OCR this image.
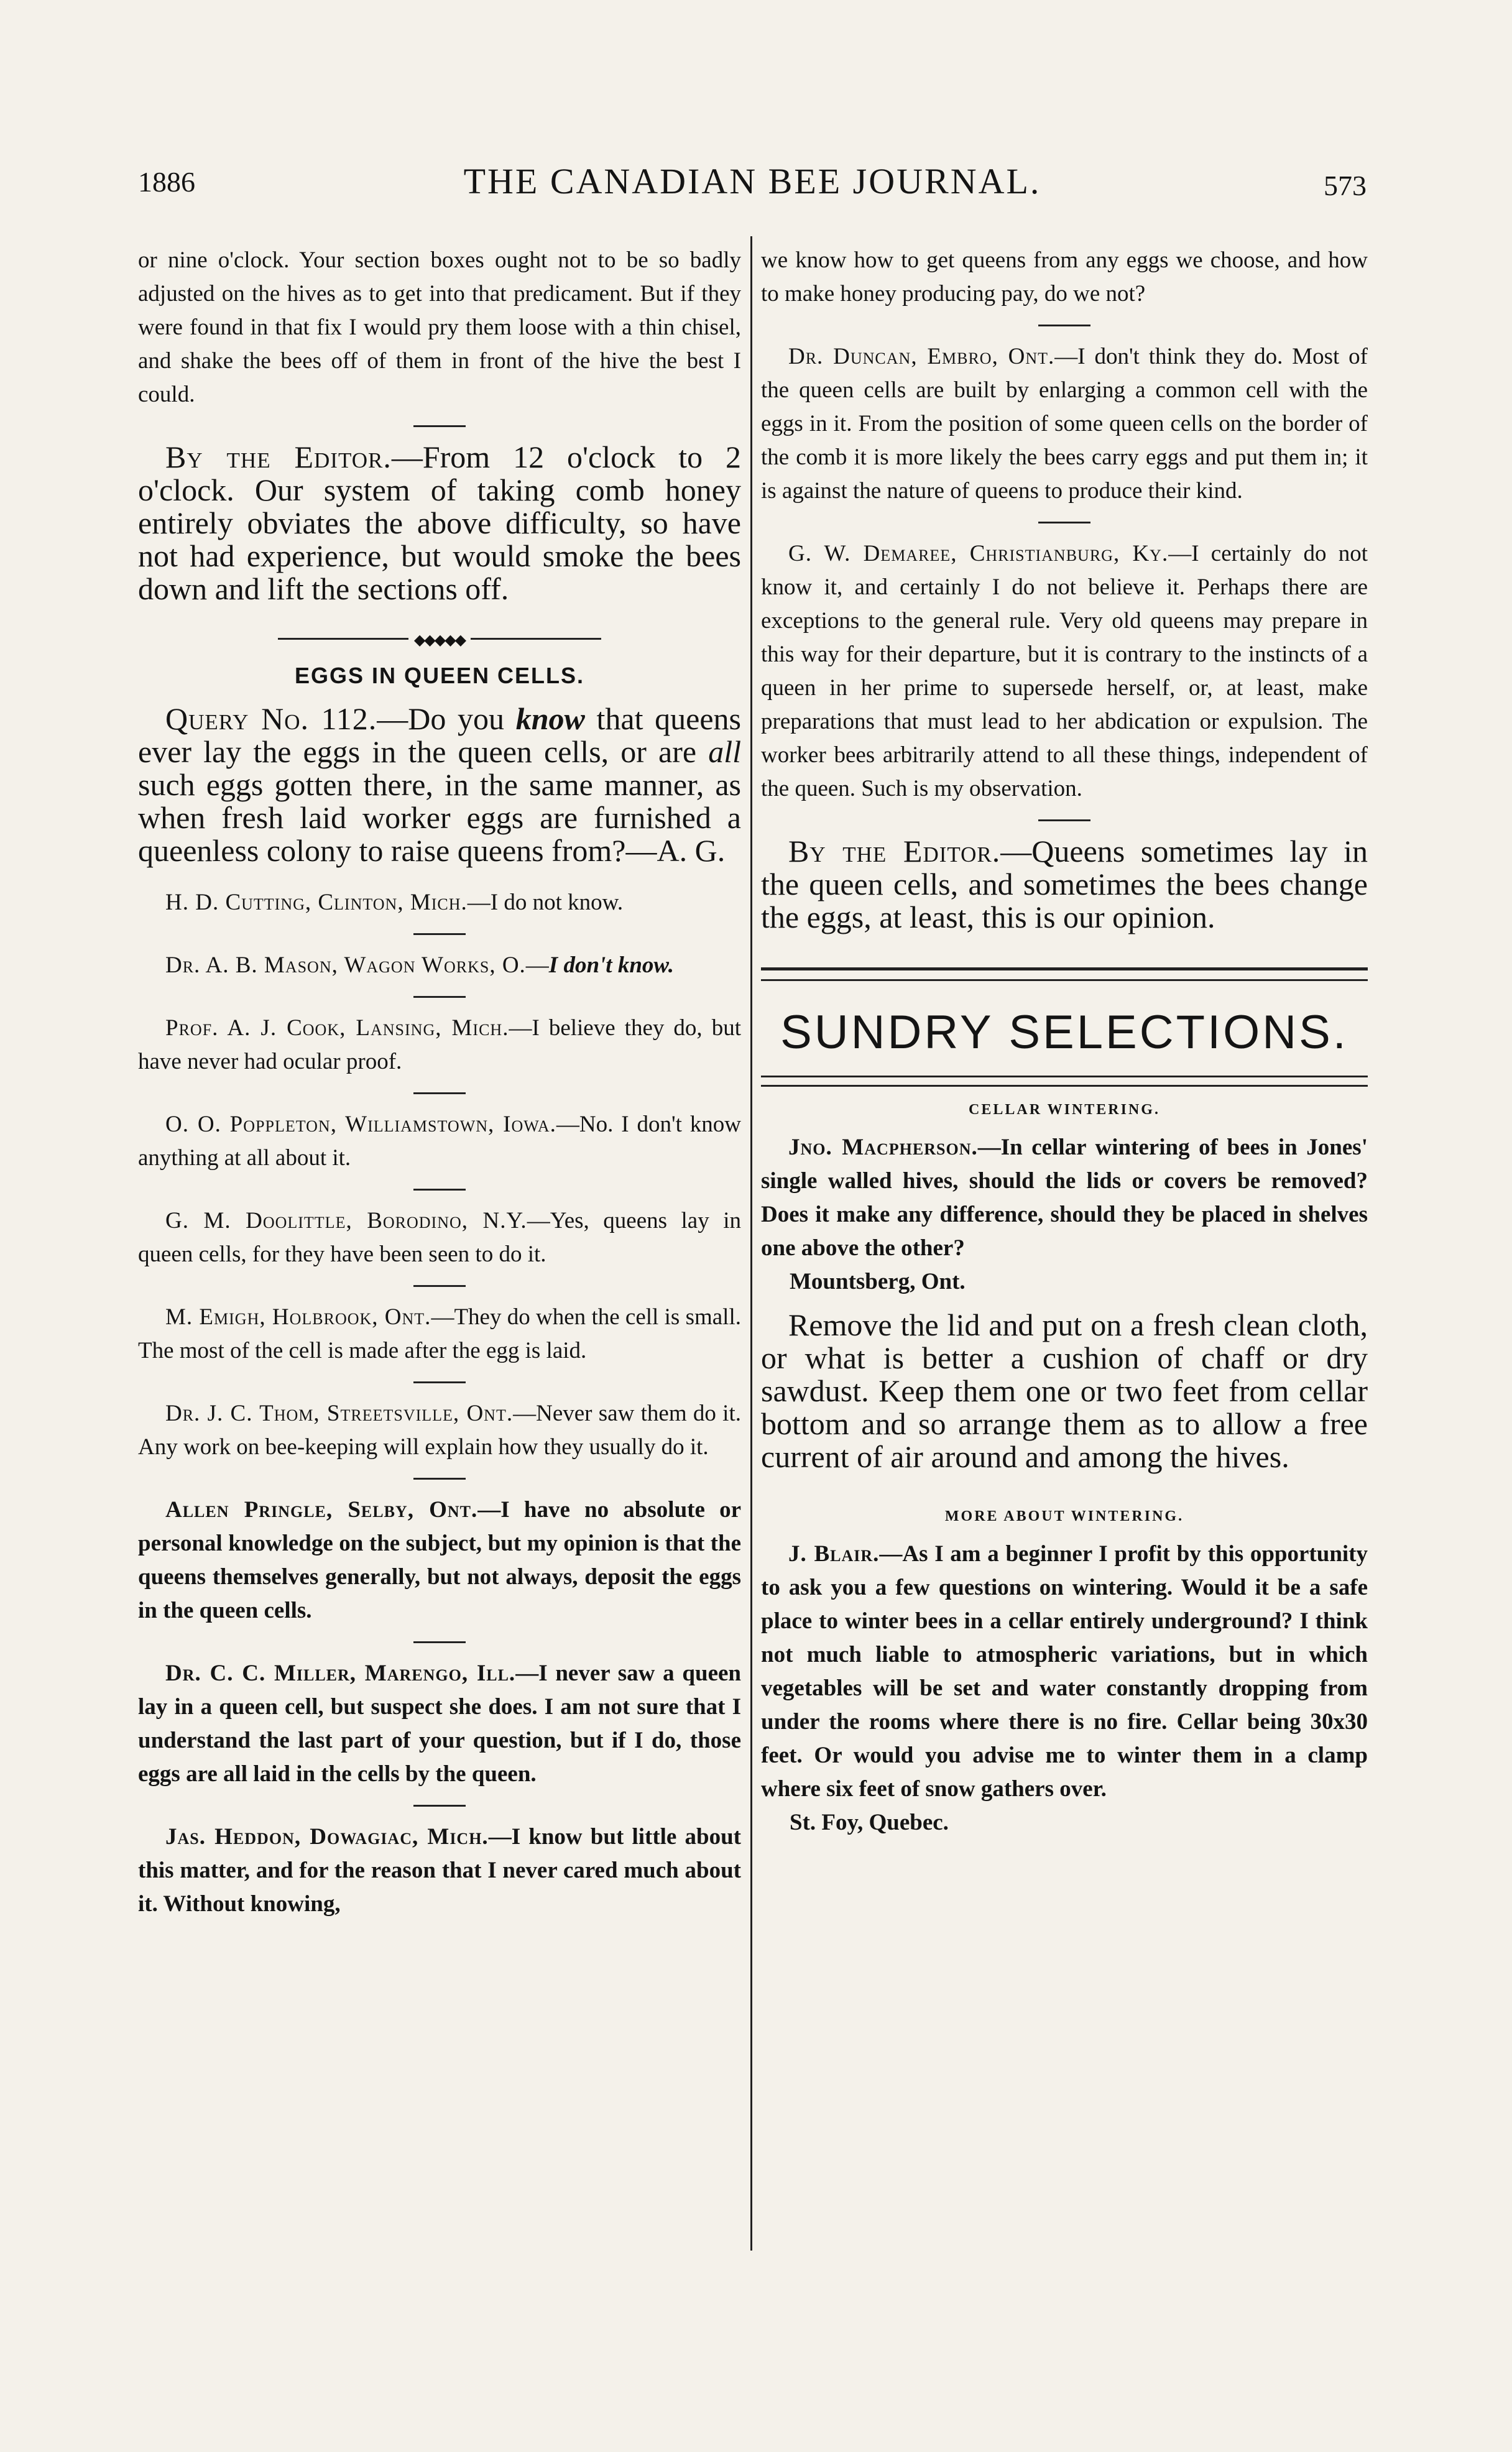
1886	THE CANADIAN BEE JOURNAL.	573

or nine o'clock. Your section boxes ought not to be so badly adjusted on the hives as to get into that predicament. But if they were found in that fix I would pry them loose with a thin chisel, and shake the bees off of them in front of the hive the best I could.

By the Editor.—From 12 o'clock to 2 o'clock. Our system of taking comb honey entirely obviates the above difficulty, so have not had experience, but would smoke the bees down and lift the sections off.

◆◆◆◆◆
EGGS IN QUEEN CELLS.

Query No. 112.—Do you know that queens ever lay the eggs in the queen cells, or are all such eggs gotten there, in the same manner, as when fresh laid worker eggs are furnished a queenless colony to raise queens from?—A. G.

H. D. Cutting, Clinton, Mich.—I do not know.

Dr. A. B. Mason, Wagon Works, O.—I don't know.

Prof. A. J. Cook, Lansing, Mich.—I believe they do, but have never had ocular proof.

O. O. Poppleton, Williamstown, Iowa.—No. I don't know anything at all about it.

G. M. Doolittle, Borodino, N.Y.—Yes, queens lay in queen cells, for they have been seen to do it.

M. Emigh, Holbrook, Ont.—They do when the cell is small. The most of the cell is made after the egg is laid.

Dr. J. C. Thom, Streetsville, Ont.—Never saw them do it. Any work on bee-keeping will explain how they usually do it.

Allen Pringle, Selby, Ont.—I have no absolute or personal knowledge on the subject, but my opinion is that the queens themselves generally, but not always, deposit the eggs in the queen cells.

Dr. C. C. Miller, Marengo, Ill.—I never saw a queen lay in a queen cell, but suspect she does. I am not sure that I understand the last part of your question, but if I do, those eggs are all laid in the cells by the queen.

Jas. Heddon, Dowagiac, Mich.—I know but little about this matter, and for the reason that I never cared much about it. Without knowing,

we know how to get queens from any eggs we choose, and how to make honey producing pay, do we not?

Dr. Duncan, Embro, Ont.—I don't think they do. Most of the queen cells are built by enlarging a common cell with the eggs in it. From the position of some queen cells on the border of the comb it is more likely the bees carry eggs and put them in; it is against the nature of queens to produce their kind.

G. W. Demaree, Christianburg, Ky.—I certainly do not know it, and certainly I do not believe it. Perhaps there are exceptions to the general rule. Very old queens may prepare in this way for their departure, but it is contrary to the instincts of a queen in her prime to supersede herself, or, at least, make preparations that must lead to her abdication or expulsion. The worker bees arbitrarily attend to all these things, independent of the queen. Such is my observation.

By the Editor.—Queens sometimes lay in the queen cells, and sometimes the bees change the eggs, at least, this is our opinion.

SUNDRY SELECTIONS.
CELLAR WINTERING.

Jno. Macpherson.—In cellar wintering of bees in Jones' single walled hives, should the lids or covers be removed? Does it make any difference, should they be placed in shelves one above the other?

Mountsberg, Ont.

Remove the lid and put on a fresh clean cloth, or what is better a cushion of chaff or dry sawdust. Keep them one or two feet from cellar bottom and so arrange them as to allow a free current of air around and among the hives.

MORE ABOUT WINTERING.

J. Blair.—As I am a beginner I profit by this opportunity to ask you a few questions on wintering. Would it be a safe place to winter bees in a cellar entirely underground? I think not much liable to atmospheric variations, but in which vegetables will be set and water constantly dropping from under the rooms where there is no fire. Cellar being 30x30 feet. Or would you advise me to winter them in a clamp where six feet of snow gathers over.

St. Foy, Quebec.
